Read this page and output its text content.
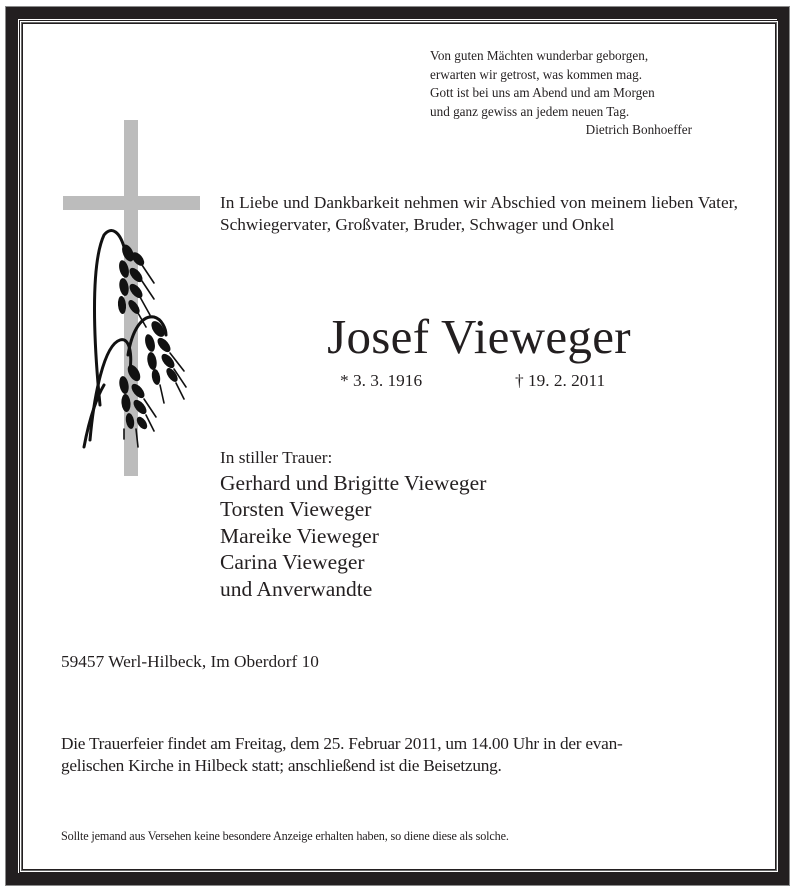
Von guten Mächten wunderbar geborgen,
erwarten wir getrost, was kommen mag.
Gott ist bei uns am Abend und am Morgen
und ganz gewiss an jedem neuen Tag.
Dietrich Bonhoeffer
In Liebe und Dankbarkeit nehmen wir Abschied von meinem lieben Vater, Schwiegervater, Großvater, Bruder, Schwager und Onkel
Josef Vieweger
* 3. 3. 1916	† 19. 2. 2011
In stiller Trauer:
Gerhard und Brigitte Vieweger
Torsten Vieweger
Mareike Vieweger
Carina Vieweger
und Anverwandte
59457 Werl-Hilbeck, Im Oberdorf 10
Die Trauerfeier findet am Freitag, dem 25. Februar 2011, um 14.00 Uhr in der evan-
gelischen Kirche in Hilbeck statt; anschließend ist die Beisetzung.
Sollte jemand aus Versehen keine besondere Anzeige erhalten haben, so diene diese als solche.
